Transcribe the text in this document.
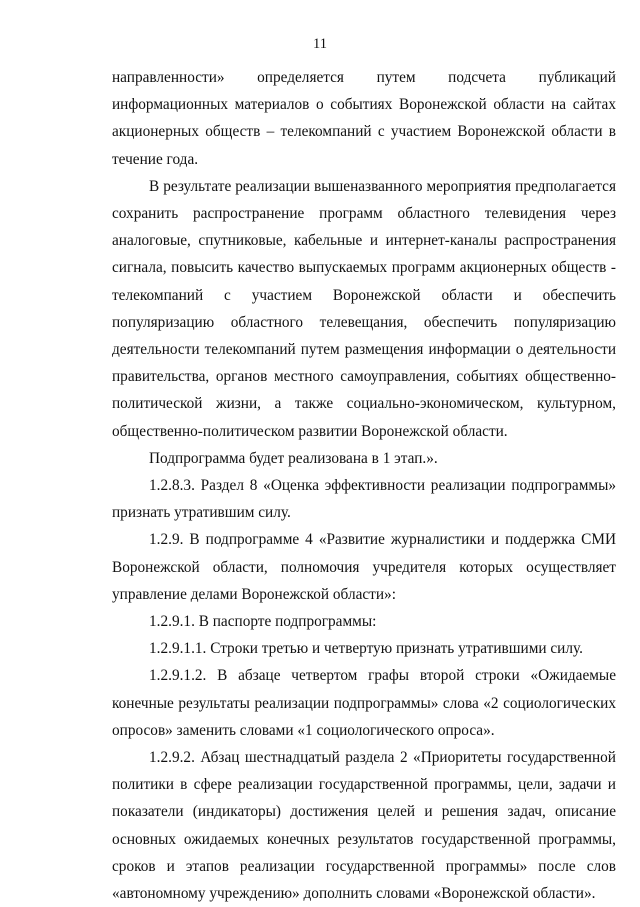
11

направленности» определяется путем подсчета публикаций информационных материалов о событиях Воронежской области на сайтах акционерных обществ – телекомпаний с участием Воронежской области в течение года.

В результате реализации вышеназванного мероприятия предполагается сохранить распространение программ областного телевидения через аналоговые, спутниковые, кабельные и интернет-каналы распространения сигнала, повысить качество выпускаемых программ акционерных обществ - телекомпаний с участием Воронежской области и обеспечить популяризацию областного телевещания, обеспечить популяризацию деятельности телекомпаний путем размещения информации о деятельности правительства, органов местного самоуправления, событиях общественно-политической жизни, а также социально-экономическом, культурном, общественно-политическом развитии Воронежской области.

Подпрограмма будет реализована в 1 этап.».

1.2.8.3. Раздел 8 «Оценка эффективности реализации подпрограммы» признать утратившим силу.

1.2.9. В подпрограмме 4 «Развитие журналистики и поддержка СМИ Воронежской области, полномочия учредителя которых осуществляет управление делами Воронежской области»:

1.2.9.1. В паспорте подпрограммы:

1.2.9.1.1. Строки третью и четвертую признать утратившими силу.

1.2.9.1.2. В абзаце четвертом графы второй строки «Ожидаемые конечные результаты реализации подпрограммы» слова «2 социологических опросов» заменить словами «1 социологического опроса».

1.2.9.2. Абзац шестнадцатый раздела 2 «Приоритеты государственной политики в сфере реализации государственной программы, цели, задачи и показатели (индикаторы) достижения целей и решения задач, описание основных ожидаемых конечных результатов государственной программы, сроков и этапов реализации государственной программы» после слов «автономному учреждению» дополнить словами «Воронежской области».
